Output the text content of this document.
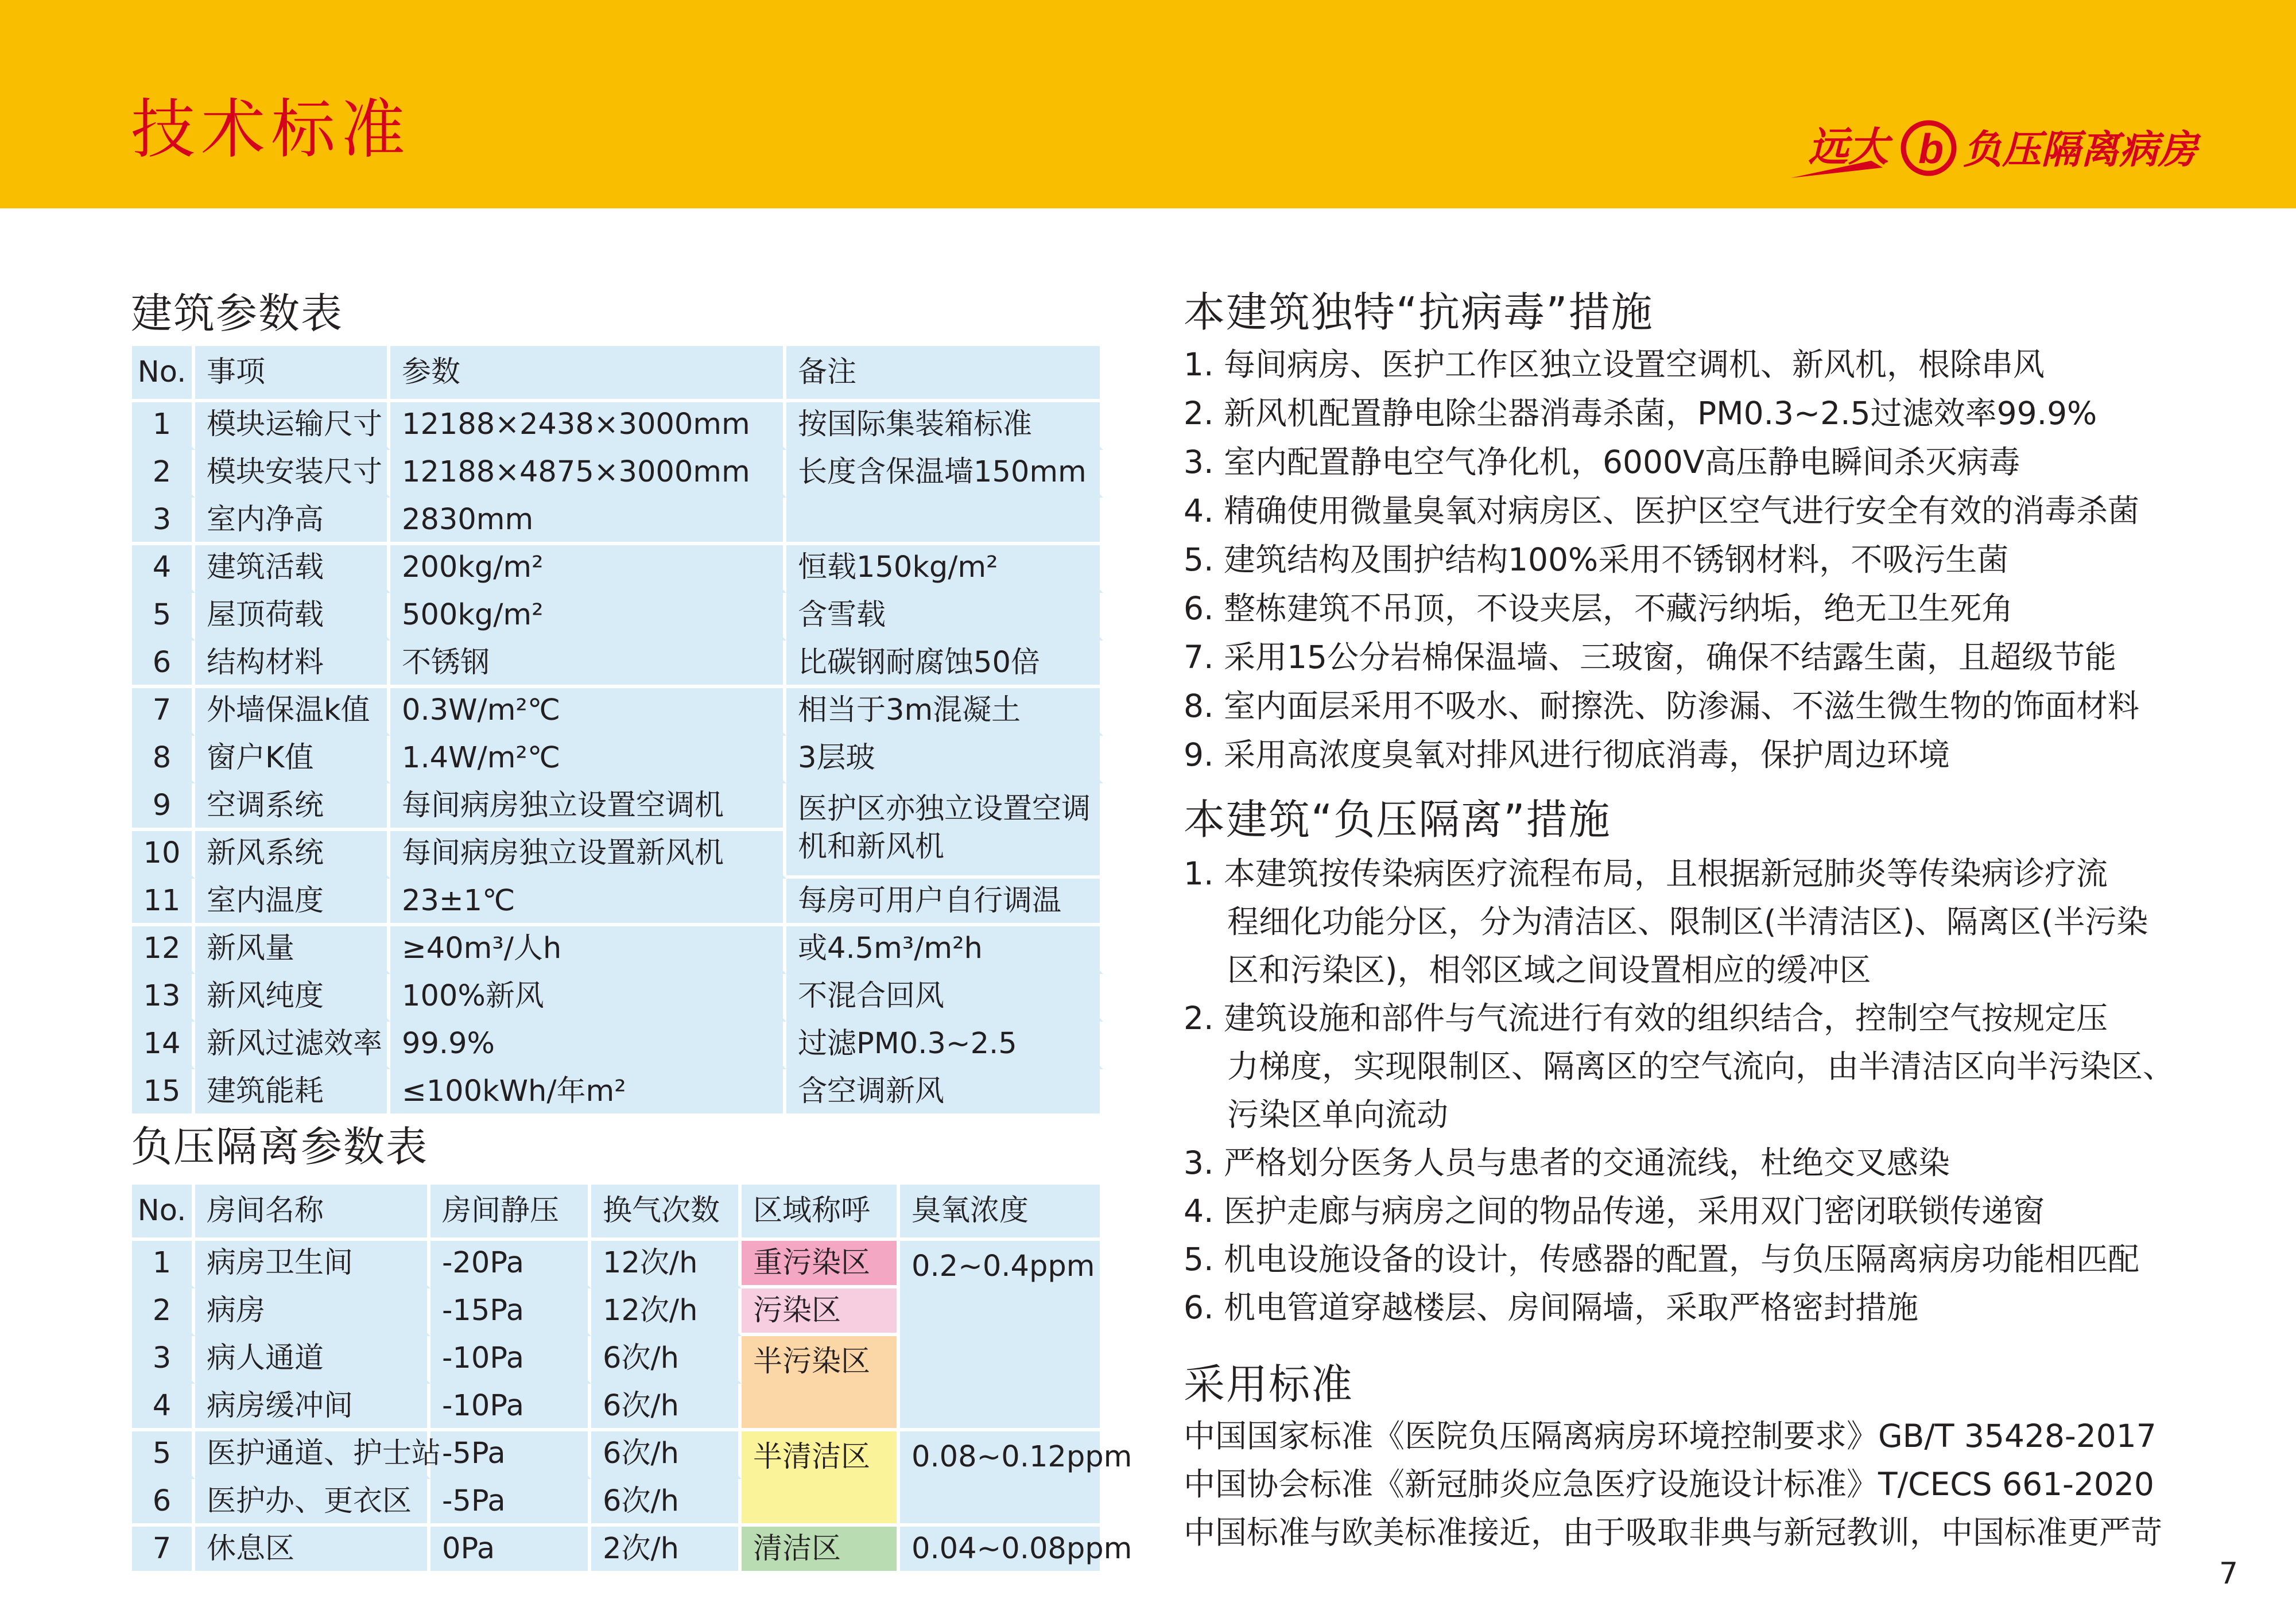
技术标准	远大 b 负压隔离病房
建筑参数表
No.	事项	参数	备注
1	模块运输尺寸	12188×2438×3000mm	按国际集装箱标准
2	模块安装尺寸	12188×4875×3000mm	长度含保温墙150mm
3	室内净高	2830mm	
4	建筑活载	200kg/m²	恒载150kg/m²
5	屋顶荷载	500kg/m²	含雪载
6	结构材料	不锈钢	比碳钢耐腐蚀50倍
7	外墙保温k值	0.3W/m²℃	相当于3m混凝土
8	窗户K值	1.4W/m²℃	3层玻
9	空调系统	每间病房独立设置空调机	医护区亦独立设置空调机和新风机
10	新风系统	每间病房独立设置新风机	
11	室内温度	23±1℃	每房可用户自行调温
12	新风量	≥40m³/人h	或4.5m³/m²h
13	新风纯度	100%新风	不混合回风
14	新风过滤效率	99.9%	过滤PM0.3~2.5
15	建筑能耗	≤100kWh/年m²	含空调新风
负压隔离参数表
No.	房间名称	房间静压	换气次数	区域称呼	臭氧浓度
1	病房卫生间	-20Pa	12次/h	重污染区	0.2~0.4ppm
2	病房	-15Pa	12次/h	污染区	
3	病人通道	-10Pa	6次/h	半污染区	
4	病房缓冲间	-10Pa	6次/h		
5	医护通道、护士站	-5Pa	6次/h	半清洁区	0.08~0.12ppm
6	医护办、更衣区	-5Pa	6次/h		
7	休息区	0Pa	2次/h	清洁区	0.04~0.08ppm
本建筑独特“抗病毒”措施
1. 每间病房、医护工作区独立设置空调机、新风机，根除串风
2. 新风机配置静电除尘器消毒杀菌，PM0.3~2.5过滤效率99.9%
3. 室内配置静电空气净化机，6000V高压静电瞬间杀灭病毒
4. 精确使用微量臭氧对病房区、医护区空气进行安全有效的消毒杀菌
5. 建筑结构及围护结构100%采用不锈钢材料，不吸污生菌
6. 整栋建筑不吊顶，不设夹层，不藏污纳垢，绝无卫生死角
7. 采用15公分岩棉保温墙、三玻窗，确保不结露生菌，且超级节能
8. 室内面层采用不吸水、耐擦洗、防渗漏、不滋生微生物的饰面材料
9. 采用高浓度臭氧对排风进行彻底消毒，保护周边环境
本建筑“负压隔离”措施
1. 本建筑按传染病医疗流程布局，且根据新冠肺炎等传染病诊疗流
程细化功能分区，分为清洁区、限制区(半清洁区)、隔离区(半污染
区和污染区)，相邻区域之间设置相应的缓冲区
2. 建筑设施和部件与气流进行有效的组织结合，控制空气按规定压
力梯度，实现限制区、隔离区的空气流向，由半清洁区向半污染区、
污染区单向流动
3. 严格划分医务人员与患者的交通流线，杜绝交叉感染
4. 医护走廊与病房之间的物品传递，采用双门密闭联锁传递窗
5. 机电设施设备的设计，传感器的配置，与负压隔离病房功能相匹配
6. 机电管道穿越楼层、房间隔墙，采取严格密封措施
采用标准
中国国家标准《医院负压隔离病房环境控制要求》GB/T 35428-2017
中国协会标准《新冠肺炎应急医疗设施设计标准》T/CECS 661-2020
中国标准与欧美标准接近，由于吸取非典与新冠教训，中国标准更严苛
7
